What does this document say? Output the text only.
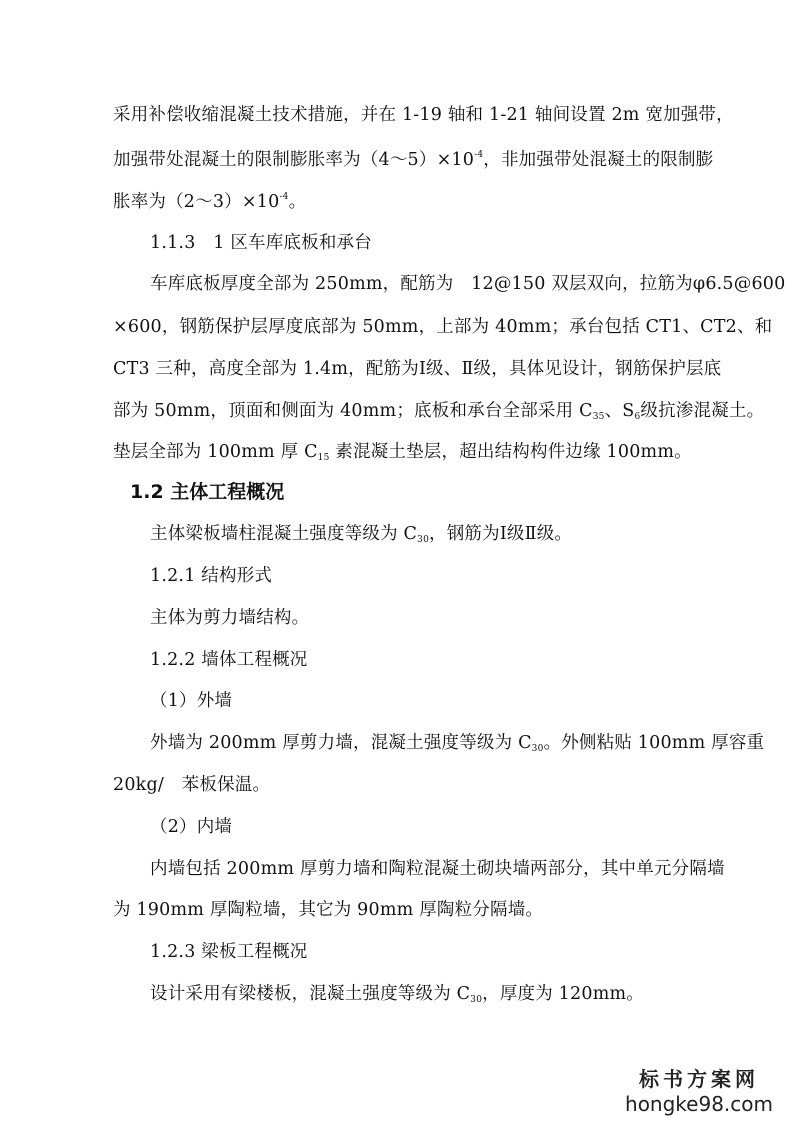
采用补偿收缩混凝土技术措施，并在 1-19 轴和 1-21 轴间设置 2m 宽加强带，
加强带处混凝土的限制膨胀率为$(4\sim 5)\times 10^{-4}$，非加强带处混凝土的限制膨
胀率为$(2\sim 3)\times 10^{-4}$。
1.1.3　1 区车库底板和承台
车库底板厚度全部为 250mm，配筋为　12@150 双层双向，拉筋为φ6.5@600
×600，钢筋保护层厚度底部为 50mm，上部为 40mm；承台包括 CT1、CT2、和
CT3 三种，高度全部为 1.4m，配筋为Ⅰ级、Ⅱ级，具体见设计，钢筋保护层底
部为 50mm，顶面和侧面为 40mm；底板和承台全部采用 $C_{35}$、$S_6$级抗渗混凝土。
垫层全部为 100mm 厚 $C_{15}$ 素混凝土垫层，超出结构构件边缘 100mm。
1.2 主体工程概况
主体梁板墙柱混凝土强度等级为 $C_{30}$，钢筋为Ⅰ级Ⅱ级。
1.2.1 结构形式
主体为剪力墙结构。
1.2.2 墙体工程概况
（1）外墙
外墙为 200mm 厚剪力墙，混凝土强度等级为 $C_{30}$。外侧粘贴 100mm 厚容重
20kg/　苯板保温。
（2）内墙
内墙包括 200mm 厚剪力墙和陶粒混凝土砌块墙两部分，其中单元分隔墙
为 190mm 厚陶粒墙，其它为 90mm 厚陶粒分隔墙。
1.2.3 梁板工程概况
设计采用有梁楼板，混凝土强度等级为 $C_{30}$，厚度为 120mm。
标书方案网
hongke98.com
